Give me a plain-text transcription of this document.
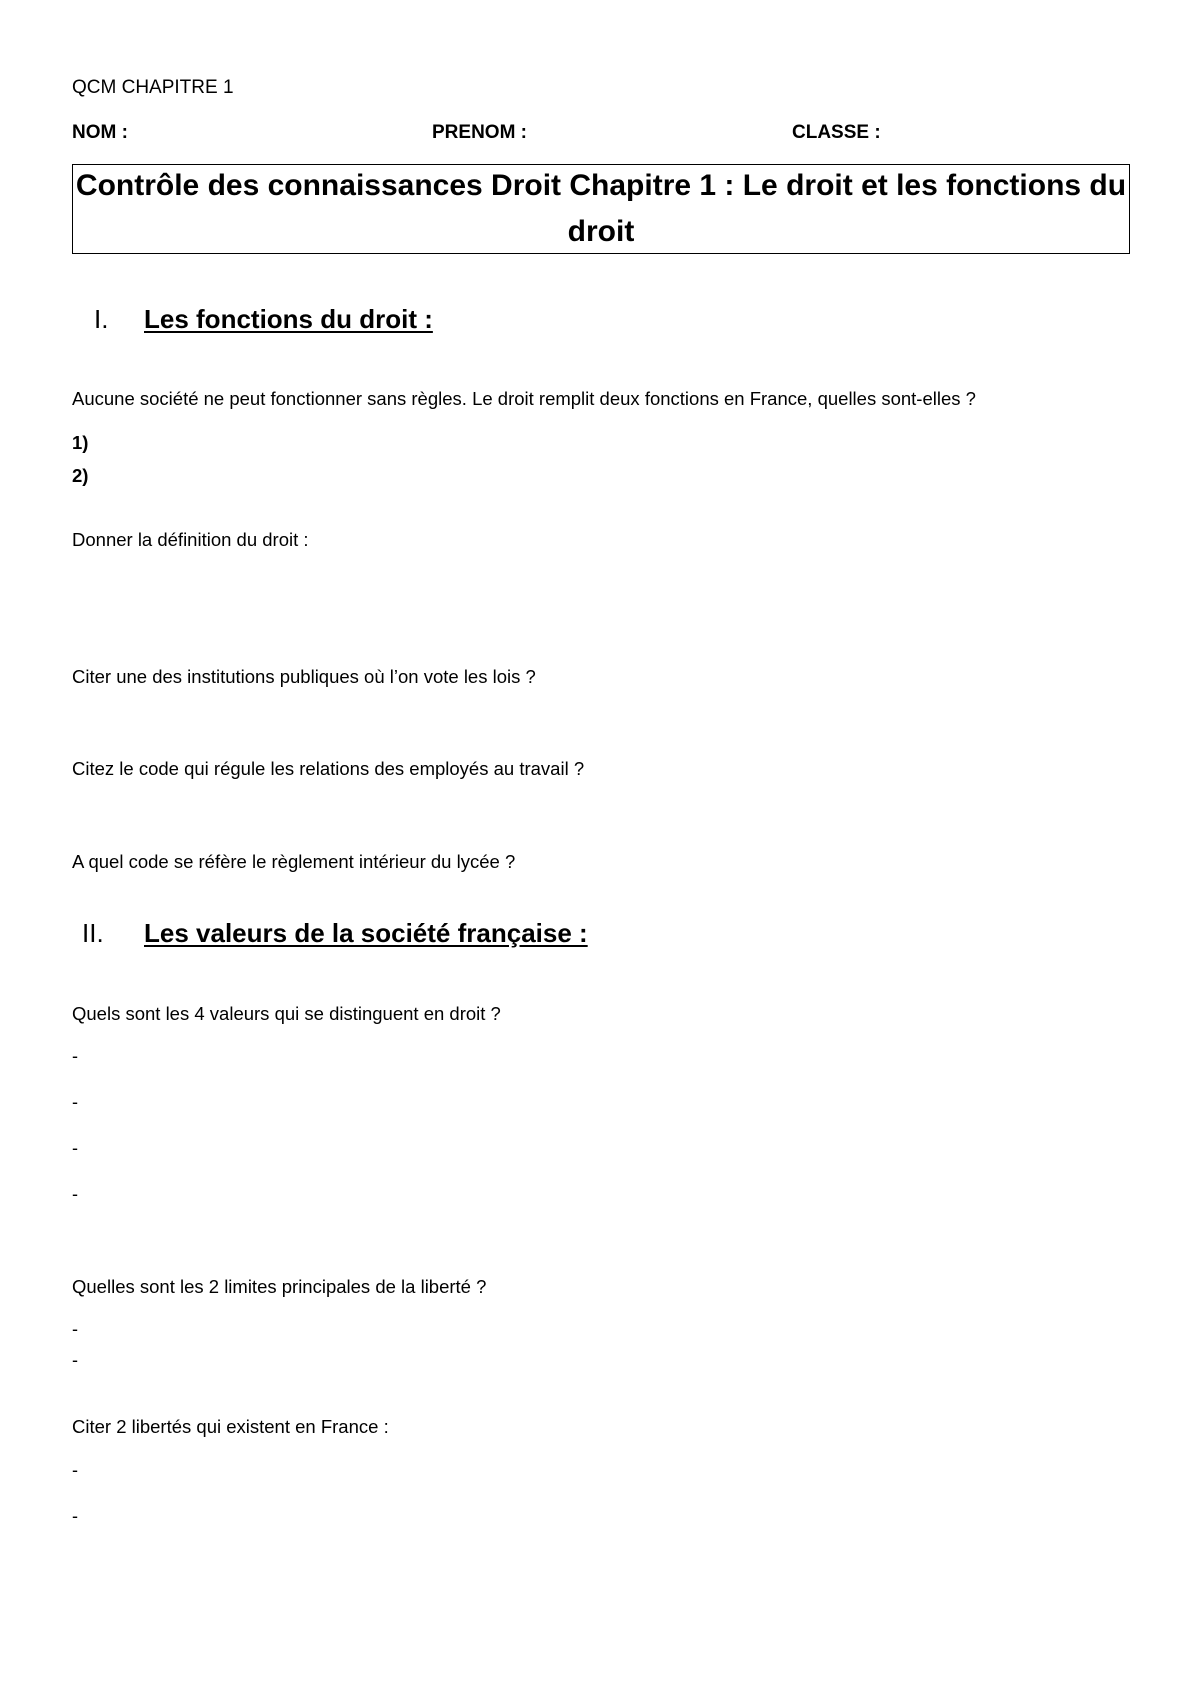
QCM CHAPITRE 1
NOM :	PRENOM :	CLASSE :
Contrôle des connaissances Droit Chapitre 1 : Le droit et les fonctions du droit
I. Les fonctions du droit :
Aucune société ne peut fonctionner sans règles. Le droit remplit deux fonctions en France, quelles sont-elles ?
1)
2)
Donner la définition du droit :
Citer une des institutions publiques où l’on vote les lois ?
Citez le code qui régule les relations des employés au travail ?
A quel code se réfère le règlement intérieur du lycée ?
II. Les valeurs de la société française :
Quels sont les 4 valeurs qui se distinguent en droit ?
-
-
-
-
Quelles sont les 2 limites principales de la liberté ?
-
-
Citer 2 libertés qui existent en France :
-
-
